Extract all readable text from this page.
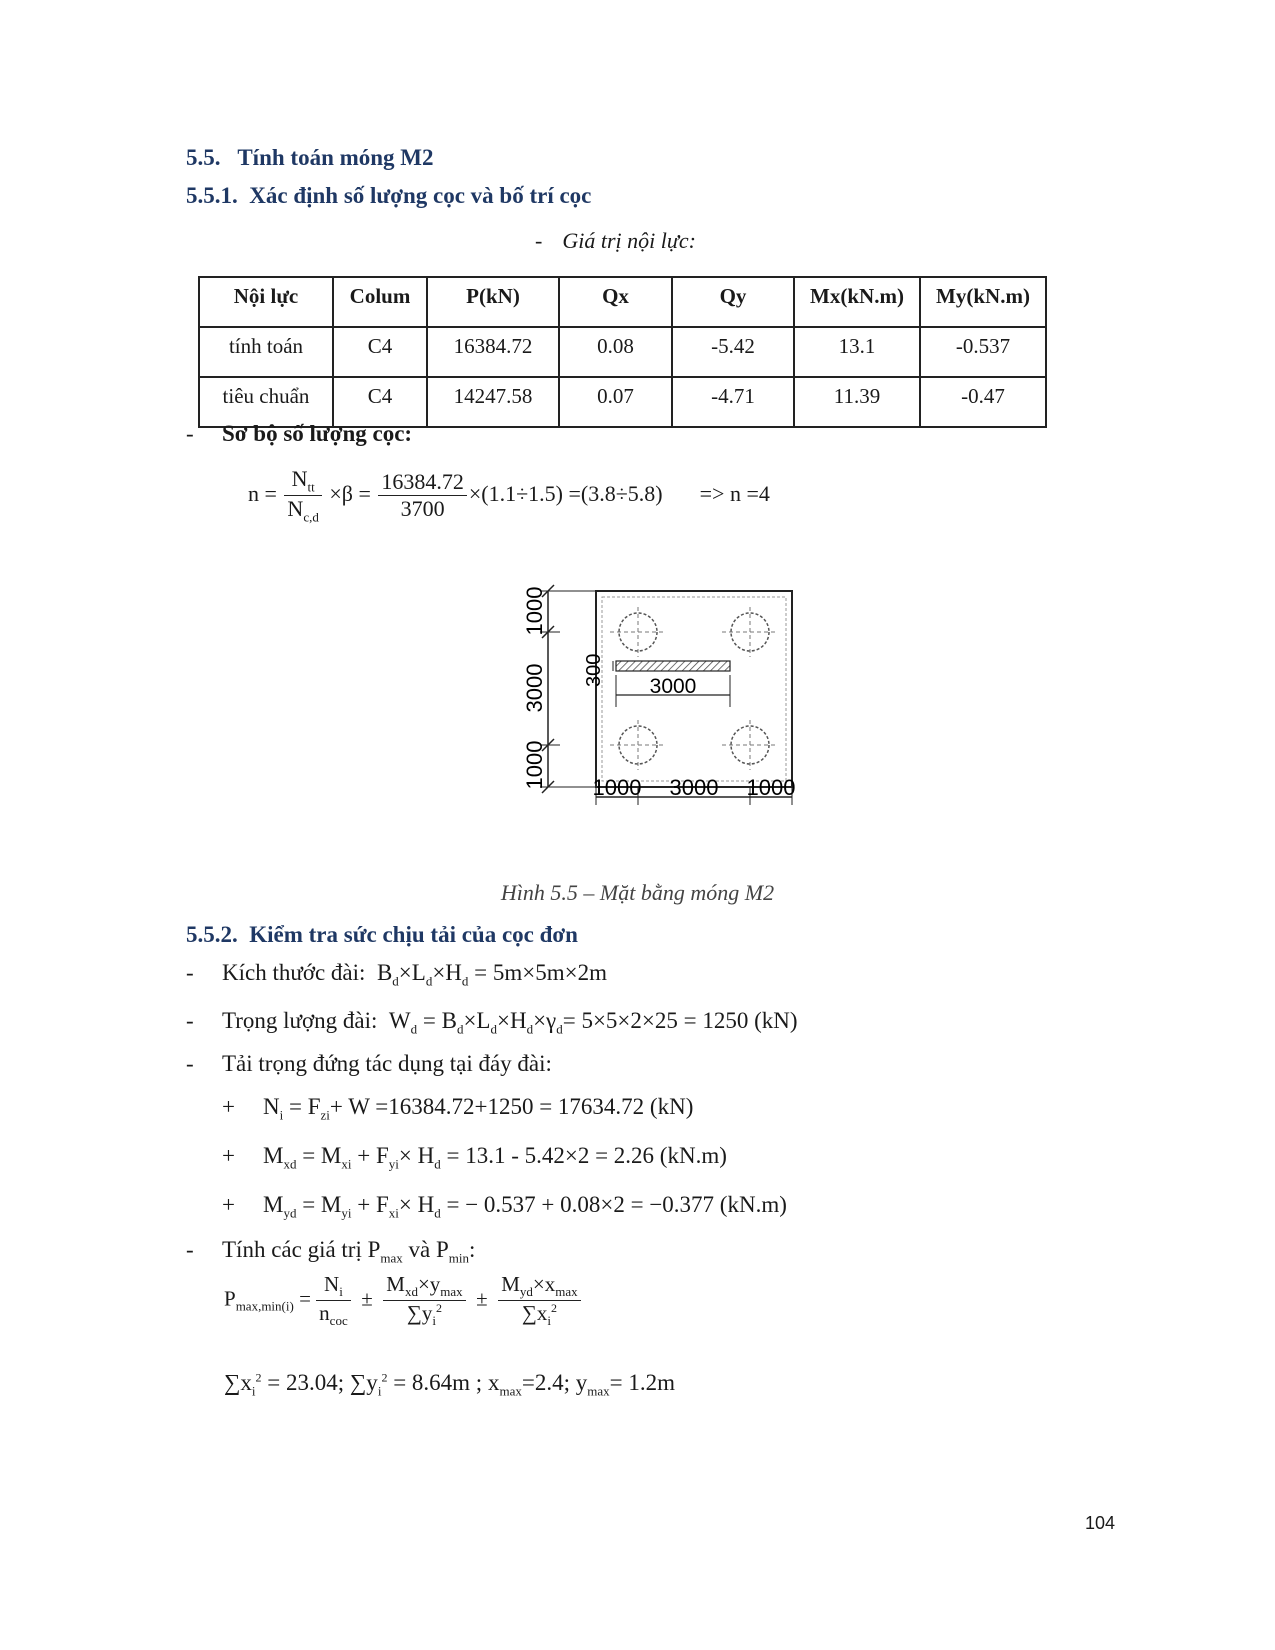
5.5. Tính toán móng M2
5.5.1. Xác định số lượng cọc và bố trí cọc
- Giá trị nội lực:
Nội lực	Colum	P(kN)	Qx	Qy	Mx(kN.m)	My(kN.m)
tính toán	C4	16384.72	0.08	-5.42	13.1	-0.537
tiêu chuẩn	C4	14247.58	0.07	-4.71	11.39	-0.47
- Sơ bộ số lượng cọc:
$n = \frac{N_{tt}}{N_{c,d}} \times\beta = \frac{16384.72}{3700} \times(1.1\div 1.5) =(3.8\div 5.8) => n =4$
300 3000
1000
3000
1000 1000 3000 1000
Hình 5.5 – Mặt bằng móng M2
5.5.2. Kiểm tra sức chịu tải của cọc đơn
- Kích thước đài:  $B_d\times L_d\times H_d = 5m\times 5m\times 2m$
- Trọng lượng đài:  $W_d = B_d\times L_d\times H_d\times\gamma_d= 5\times 5\times 2\times 25 = 1250$ (kN)
- Tải trọng đứng tác dụng tại đáy đài:
+ $N_i = F_{zi}+ W =16384.72+1250 = 17634.72$ (kN)
+ $M_{xd} = M_{xi} + F_{yi}\times H_d = 13.1 - 5.42\times 2 = 2.26$ (kN.m)
+ $M_{yd} = M_{yi} + F_{xi}\times H_d$ = − 0.537 + 0.08×2 = −0.377 (kN.m)
- Tính các giá trị $P_{max}$ và $P_{min}$:
$P_{max,min(i)} = \frac{N_i}{n_{coc}} \pm \frac{M_{xd}\times y_{max}}{\sum y_i^2} \pm \frac{M_{yd}\times x_{max}}{\sum x_i^2}$
$\sum x_i^2 = 23.04$; $\sum y_i^2 = 8.64m$ ; $x_{max}=2.4$; $y_{max}= 1.2m$
104
